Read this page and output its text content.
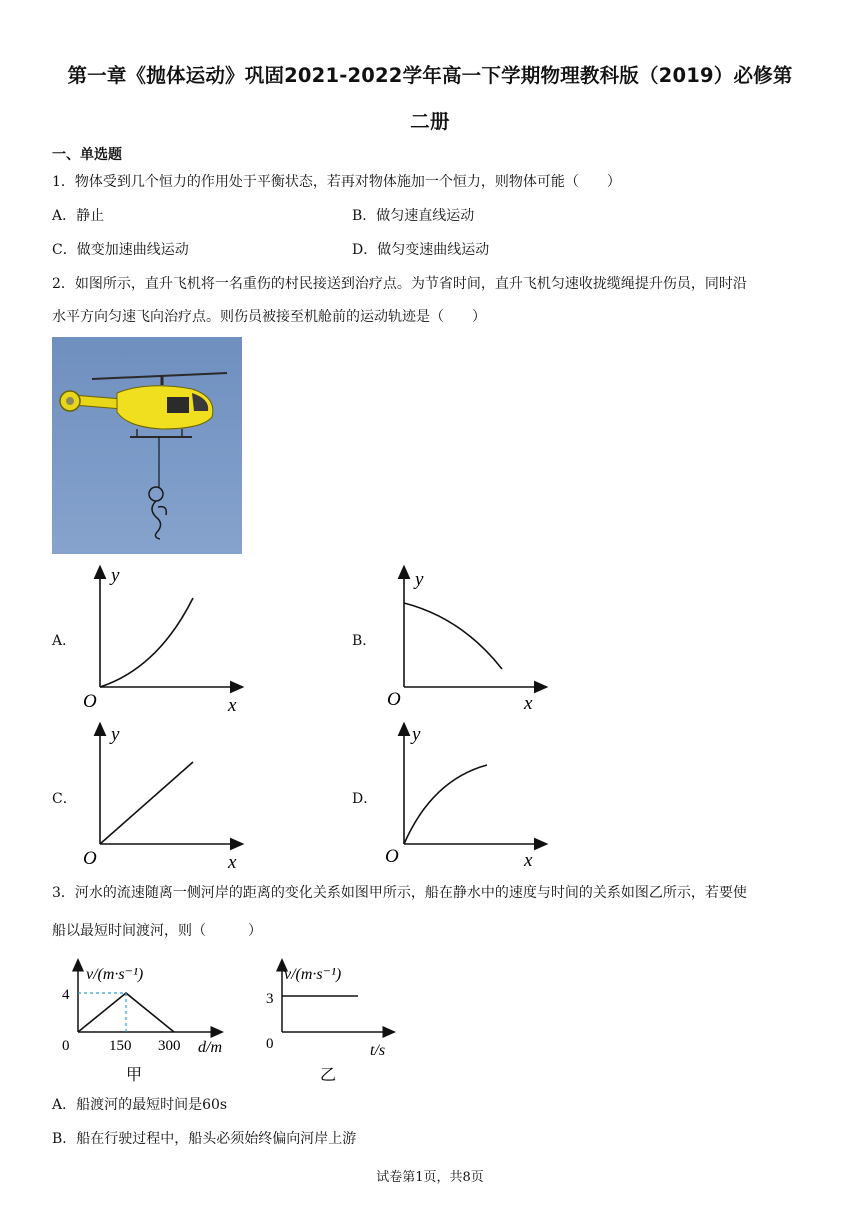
第一章《抛体运动》巩固2021-2022学年高一下学期物理教科版（2019）必修第
二册
一、单选题
1．物体受到几个恒力的作用处于平衡状态，若再对物体施加一个恒力，则物体可能（　　）
A．静止	B．做匀速直线运动
C．做变加速曲线运动	D．做匀变速曲线运动
2．如图所示，直升飞机将一名重伤的村民接送到治疗点。为节省时间，直升飞机匀速收拢缆绳提升伤员，同时沿
水平方向匀速飞向治疗点。则伤员被接至机舱前的运动轨迹是（　　）
A．
y
O	x
B．
y
O	x
C．
y
O	x
D．
y
O	x
3．河水的流速随离一侧河岸的距离的变化关系如图甲所示，船在静水中的速度与时间的关系如图乙所示，若要使
船以最短时间渡河，则（　　　）
v/(m·s⁻¹)
4
0	150 300 d/m
甲
v/(m·s⁻¹)
3
0	t/s
乙
A．船渡河的最短时间是60s
B．船在行驶过程中，船头必须始终偏向河岸上游
试卷第1页，共8页
